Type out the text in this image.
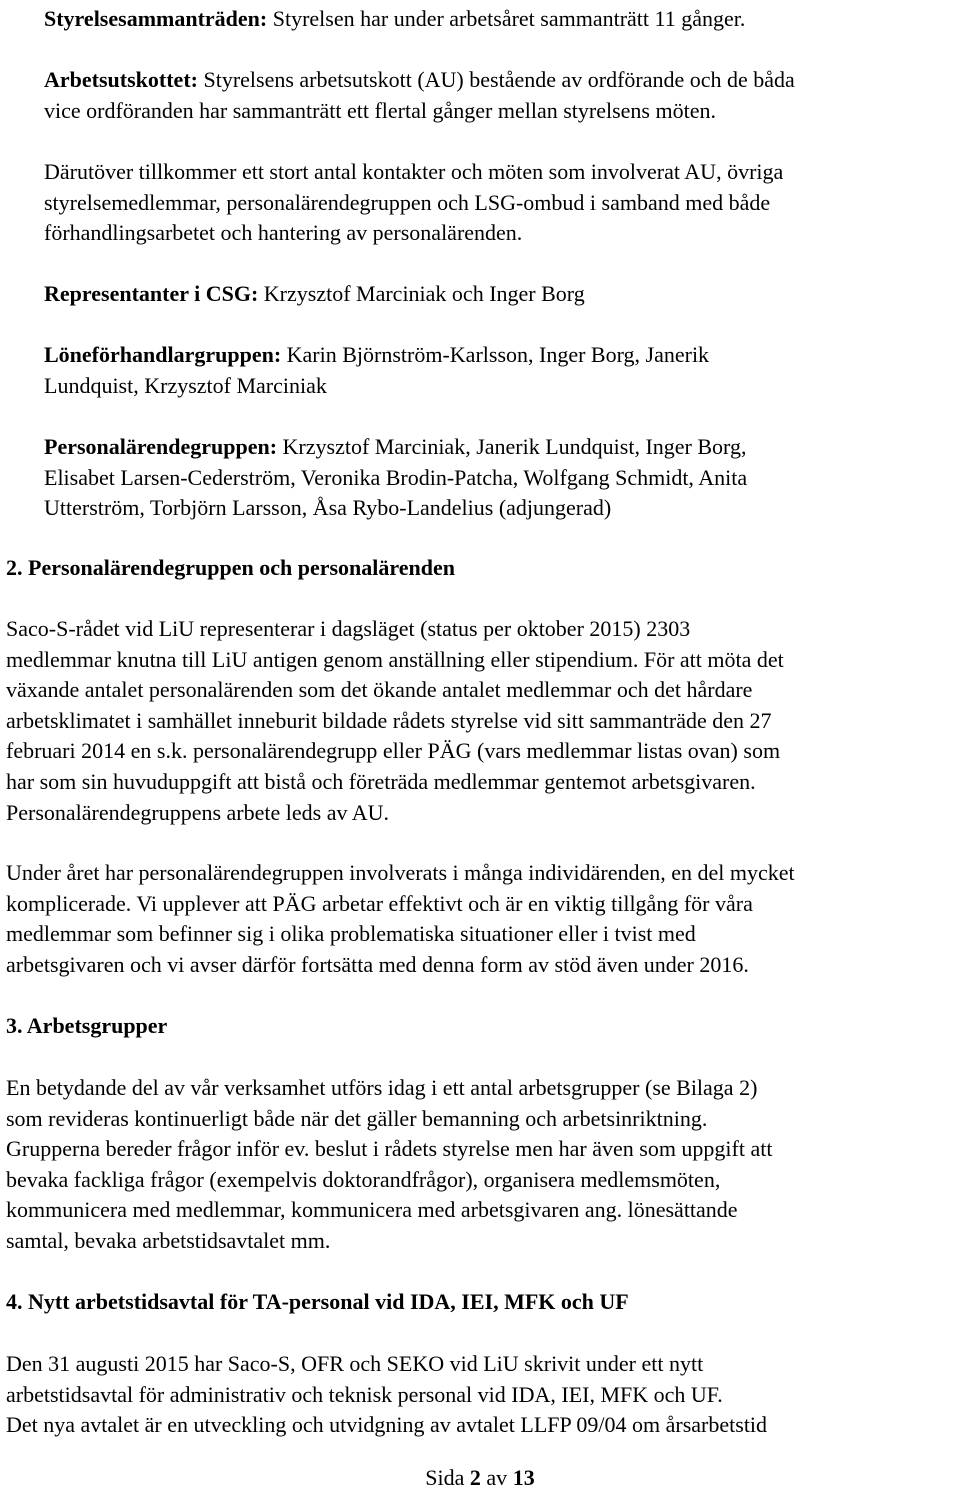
Styrelsesammanträden: Styrelsen har under arbetsåret sammanträtt 11 gånger.

Arbetsutskottet: Styrelsens arbetsutskott (AU) bestående av ordförande och de båda
vice ordföranden har sammanträtt ett flertal gånger mellan styrelsens möten.

Därutöver tillkommer ett stort antal kontakter och möten som involverat AU, övriga
styrelsemedlemmar, personalärendegruppen och LSG-ombud i samband med både
förhandlingsarbetet och hantering av personalärenden.

Representanter i CSG: Krzysztof Marciniak och Inger Borg

Löneförhandlargruppen: Karin Björnström-Karlsson, Inger Borg, Janerik
Lundquist, Krzysztof Marciniak

Personalärendegruppen: Krzysztof Marciniak, Janerik Lundquist, Inger Borg,
Elisabet Larsen-Cederström, Veronika Brodin-Patcha, Wolfgang Schmidt, Anita
Utterström, Torbjörn Larsson, Åsa Rybo-Landelius (adjungerad)

2. Personalärendegruppen och personalärenden

Saco-S-rådet vid LiU representerar i dagsläget (status per oktober 2015) 2303
medlemmar knutna till LiU antigen genom anställning eller stipendium. För att möta det
växande antalet personalärenden som det ökande antalet medlemmar och det hårdare
arbetsklimatet i samhället inneburit bildade rådets styrelse vid sitt sammanträde den 27
februari 2014 en s.k. personalärendegrupp eller PÄG (vars medlemmar listas ovan) som
har som sin huvuduppgift att bistå och företräda medlemmar gentemot arbetsgivaren.
Personalärendegruppens arbete leds av AU.

Under året har personalärendegruppen involverats i många individärenden, en del mycket
komplicerade. Vi upplever att PÄG arbetar effektivt och är en viktig tillgång för våra
medlemmar som befinner sig i olika problematiska situationer eller i tvist med
arbetsgivaren och vi avser därför fortsätta med denna form av stöd även under 2016.

3. Arbetsgrupper

En betydande del av vår verksamhet utförs idag i ett antal arbetsgrupper (se Bilaga 2)
som revideras kontinuerligt både när det gäller bemanning och arbetsinriktning.
Grupperna bereder frågor inför ev. beslut i rådets styrelse men har även som uppgift att
bevaka fackliga frågor (exempelvis doktorandfrågor), organisera medlemsmöten,
kommunicera med medlemmar, kommunicera med arbetsgivaren ang. lönesättande
samtal, bevaka arbetstidsavtalet mm.

4. Nytt arbetstidsavtal för TA-personal vid IDA, IEI, MFK och UF

Den 31 augusti 2015 har Saco-S, OFR och SEKO vid LiU skrivit under ett nytt
arbetstidsavtal för administrativ och teknisk personal vid IDA, IEI, MFK och UF.
Det nya avtalet är en utveckling och utvidgning av avtalet LLFP 09/04 om årsarbetstid

Sida 2 av 13
